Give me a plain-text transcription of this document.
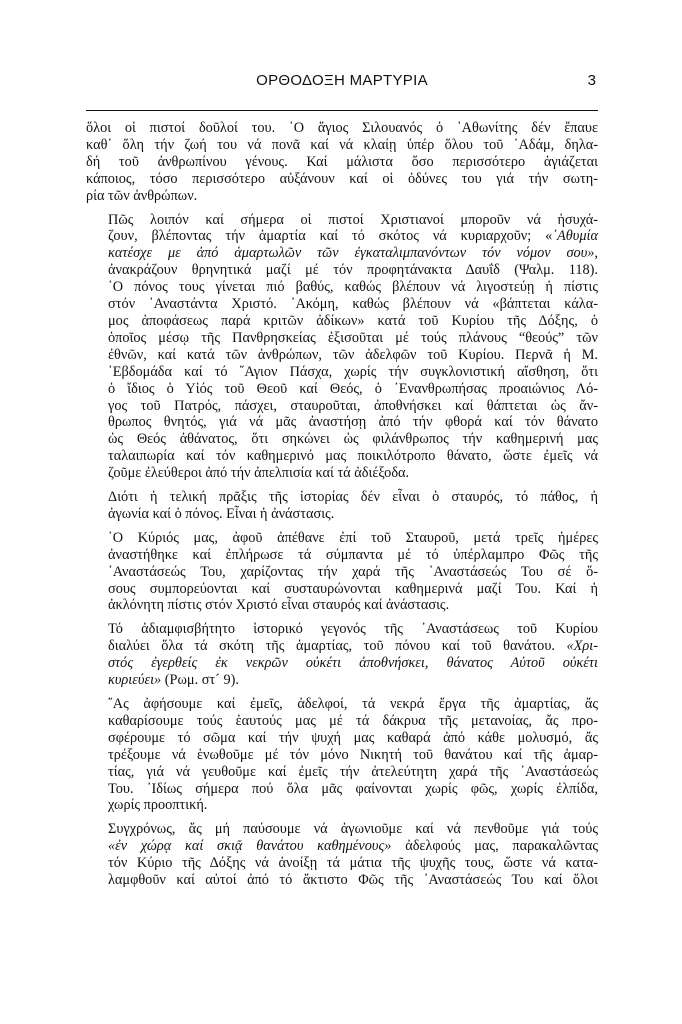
ΟΡΘΟΔΟΞΗ ΜΑΡΤΥΡΙΑ	3

ὅλοι οἱ πιστοί δοῦλοί του. ῾Ο ἅγιος Σιλουανός ὁ ᾿Αθωνίτης δέν ἔπαυε
καθ᾿ ὅλη τήν ζωή του νά πονᾶ καί νά κλαίῃ ὑπέρ ὅλου τοῦ ᾿Αδάμ, δηλα-
δή τοῦ ἀνθρωπίνου γένους. Καί μάλιστα ὅσο περισσότερο ἁγιάζεται
κάποιος, τόσο περισσότερο αὐξάνουν καί οἱ ὀδύνες του γιά τήν σωτη-
ρία τῶν ἀνθρώπων.

Πῶς λοιπόν καί σήμερα οἱ πιστοί Χριστιανοί μποροῦν νά ἡσυχά-
ζουν, βλέποντας τήν ἁμαρτία καί τό σκότος νά κυριαρχοῦν; «᾿Αθυμία
κατέσχε με ἀπό ἁμαρτωλῶν τῶν ἐγκαταλιμπανόντων τόν νόμον σου»,
ἀνακράζουν θρηνητικά μαζί μέ τόν προφητάνακτα Δαυΐδ (Ψαλμ. 118).
῾Ο πόνος τους γίνεται πιό βαθύς, καθώς βλέπουν νά λιγοστεύῃ ἡ πίστις
στόν ᾿Αναστάντα Χριστό. ᾿Ακόμη, καθώς βλέπουν νά «βάπτεται κάλα-
μος ἀποφάσεως παρά κριτῶν ἀδίκων» κατά τοῦ Κυρίου τῆς Δόξης, ὁ
ὁποῖος μέσῳ τῆς Πανθρησκείας ἐξισοῦται μέ τούς πλάνους “θεούς” τῶν
ἐθνῶν, καί κατά τῶν ἀνθρώπων, τῶν ἀδελφῶν τοῦ Κυρίου. Περνᾶ ἡ Μ.
῾Εβδομάδα καί τό ῞Αγιον Πάσχα, χωρίς τήν συγκλονιστική αἴσθηση, ὅτι
ὁ ἴδιος ὁ Υἱός τοῦ Θεοῦ καί Θεός, ὁ ᾿Ενανθρωπήσας προαιώνιος Λό-
γος τοῦ Πατρός, πάσχει, σταυροῦται, ἀποθνήσκει καί θάπτεται ὡς ἄν-
θρωπος θνητός, γιά νά μᾶς ἀναστήσῃ ἀπό τήν φθορά καί τόν θάνατο
ὡς Θεός ἀθάνατος, ὅτι σηκώνει ὡς φιλάνθρωπος τήν καθημερινή μας
ταλαιπωρία καί τόν καθημερινό μας ποικιλότροπο θάνατο, ὥστε ἐμεῖς νά
ζοῦμε ἐλεύθεροι ἀπό τήν ἀπελπισία καί τά ἀδιέξοδα.

Διότι ἡ τελική πρᾶξις τῆς ἱστορίας δέν εἶναι ὁ σταυρός, τό πάθος, ἡ
ἀγωνία καί ὁ πόνος. Εἶναι ἡ ἀνάστασις.

῾Ο Κύριός μας, ἀφοῦ ἀπέθανε ἐπί τοῦ Σταυροῦ, μετά τρεῖς ἡμέρες
ἀναστήθηκε καί ἐπλήρωσε τά σύμπαντα μέ τό ὑπέρλαμπρο Φῶς τῆς
᾿Αναστάσεώς Του, χαρίζοντας τήν χαρά τῆς ᾿Αναστάσεώς Του σέ ὅ-
σους συμπορεύονται καί συσταυρώνονται καθημερινά μαζί Του. Καί ἡ
ἀκλόνητη πίστις στόν Χριστό εἶναι σταυρός καί ἀνάστασις.

Τό ἀδιαμφισβήτητο ἱστορικό γεγονός τῆς ᾿Αναστάσεως τοῦ Κυρίου
διαλύει ὅλα τά σκότη τῆς ἁμαρτίας, τοῦ πόνου καί τοῦ θανάτου. «Χρι-
στός ἐγερθείς ἐκ νεκρῶν οὐκέτι ἀποθνήσκει, θάνατος Αὐτοῦ οὐκέτι
κυριεύει» (Ρωμ. στ´ 9).

῎Ας ἀφήσουμε καί ἐμεῖς, ἀδελφοί, τά νεκρά ἔργα τῆς ἁμαρτίας, ἄς
καθαρίσουμε τούς ἑαυτούς μας μέ τά δάκρυα τῆς μετανοίας, ἄς προ-
σφέρουμε τό σῶμα καί τήν ψυχή μας καθαρά ἀπό κάθε μολυσμό, ἄς
τρέξουμε νά ἑνωθοῦμε μέ τόν μόνο Νικητή τοῦ θανάτου καί τῆς ἁμαρ-
τίας, γιά νά γευθοῦμε καί ἐμεῖς τήν ἀτελεύτητη χαρά τῆς ᾿Αναστάσεώς
Του. ᾿Ιδίως σήμερα πού ὅλα μᾶς φαίνονται χωρίς φῶς, χωρίς ἐλπίδα,
χωρίς προοπτική.

Συγχρόνως, ἄς μή παύσουμε νά ἀγωνιοῦμε καί νά πενθοῦμε γιά τούς
«ἐν χώρᾳ καί σκιᾷ θανάτου καθημένους» ἀδελφούς μας, παρακαλῶντας
τόν Κύριο τῆς Δόξης νά ἀνοίξῃ τά μάτια τῆς ψυχῆς τους, ὥστε νά κατα-
λαμφθοῦν καί αὐτοί ἀπό τό ἄκτιστο Φῶς τῆς ᾿Αναστάσεώς Του καί ὅλοι
